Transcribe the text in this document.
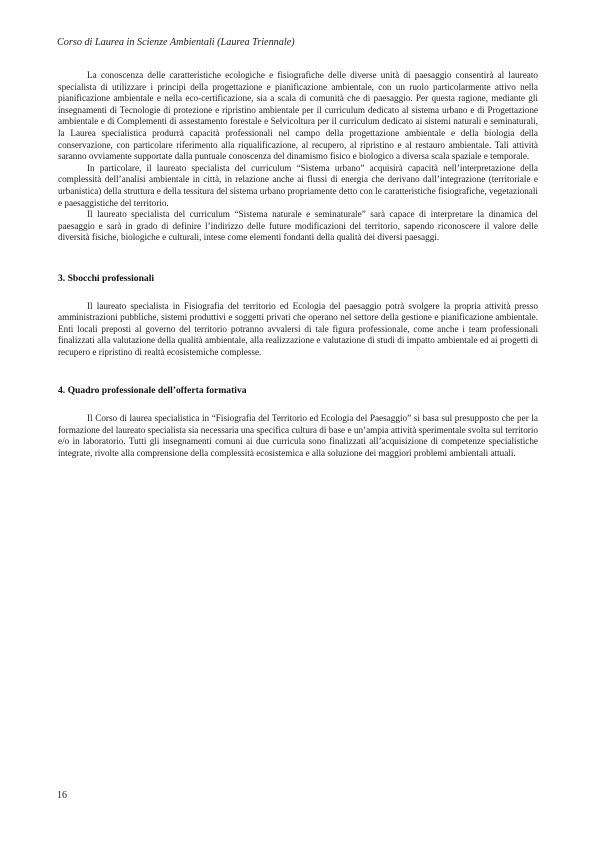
Corso di Laurea in Scienze Ambientali (Laurea Triennale)

La conoscenza delle caratteristiche ecologiche e fisiografiche delle diverse unità di paesaggio consentirà al laureato specialista di utilizzare i principi della progettazione e pianificazione ambientale, con un ruolo particolarmente attivo nella pianificazione ambientale e nella eco-certificazione, sia a scala di comunità che di paesaggio. Per questa ragione, mediante gli insegnamenti di Tecnologie di protezione e ripristino ambientale per il curriculum dedicato al sistema urbano e di Progettazione ambientale e di Complementi di assestamento forestale e Selvicoltura per il curriculum dedicato ai sistemi naturali e seminaturali, la Laurea specialistica produrrà capacità professionali nel campo della progettazione ambientale e della biologia della conservazione, con particolare riferimento alla riqualificazione, al recupero, al ripristino e al restauro ambientale. Tali attività saranno ovviamente supportate dalla puntuale conoscenza del dinamismo fisico e biologico a diversa scala spaziale e temporale.

In particolare, il laureato specialista del curriculum “Sistema urbano” acquisirà capacità nell’interpretazione della complessità dell’analisi ambientale in città, in relazione anche ai flussi di energia che derivano dall’integrazione (territoriale e urbanistica) della struttura e della tessitura del sistema urbano propriamente detto con le caratteristiche fisiografiche, vegetazionali e paesaggistiche del territorio.

Il laureato specialista del curriculum “Sistema naturale e seminaturale” sarà capace di interpretare la dinamica del paesaggio e sarà in grado di definire l’indirizzo delle future modificazioni del territorio, sapendo riconoscere il valore delle diversità fisiche, biologiche e culturali, intese come elementi fondanti della qualità dei diversi paesaggi.

3. Sbocchi professionali

Il laureato specialista in Fisiografia del territorio ed Ecologia del paesaggio potrà svolgere la propria attività presso amministrazioni pubbliche, sistemi produttivi e soggetti privati che operano nel settore della gestione e pianificazione ambientale. Enti locali preposti al governo del territorio potranno avvalersi di tale figura professionale, come anche i team professionali finalizzati alla valutazione della qualità ambientale, alla realizzazione e valutazione di studi di impatto ambientale ed ai progetti di recupero e ripristino di realtà ecosistemiche complesse.

4. Quadro professionale dell’offerta formativa

Il Corso di laurea specialistica in “Fisiografia del Territorio ed Ecologia del Paesaggio” si basa sul presupposto che per la formazione del laureato specialista sia necessaria una specifica cultura di base e un’ampia attività sperimentale svolta sul territorio e/o in laboratorio. Tutti gli insegnamenti comuni ai due curricula sono finalizzati all’acquisizione di competenze specialistiche integrate, rivolte alla comprensione della complessità ecosistemica e alla soluzione dei maggiori problemi ambientali attuali.

16
